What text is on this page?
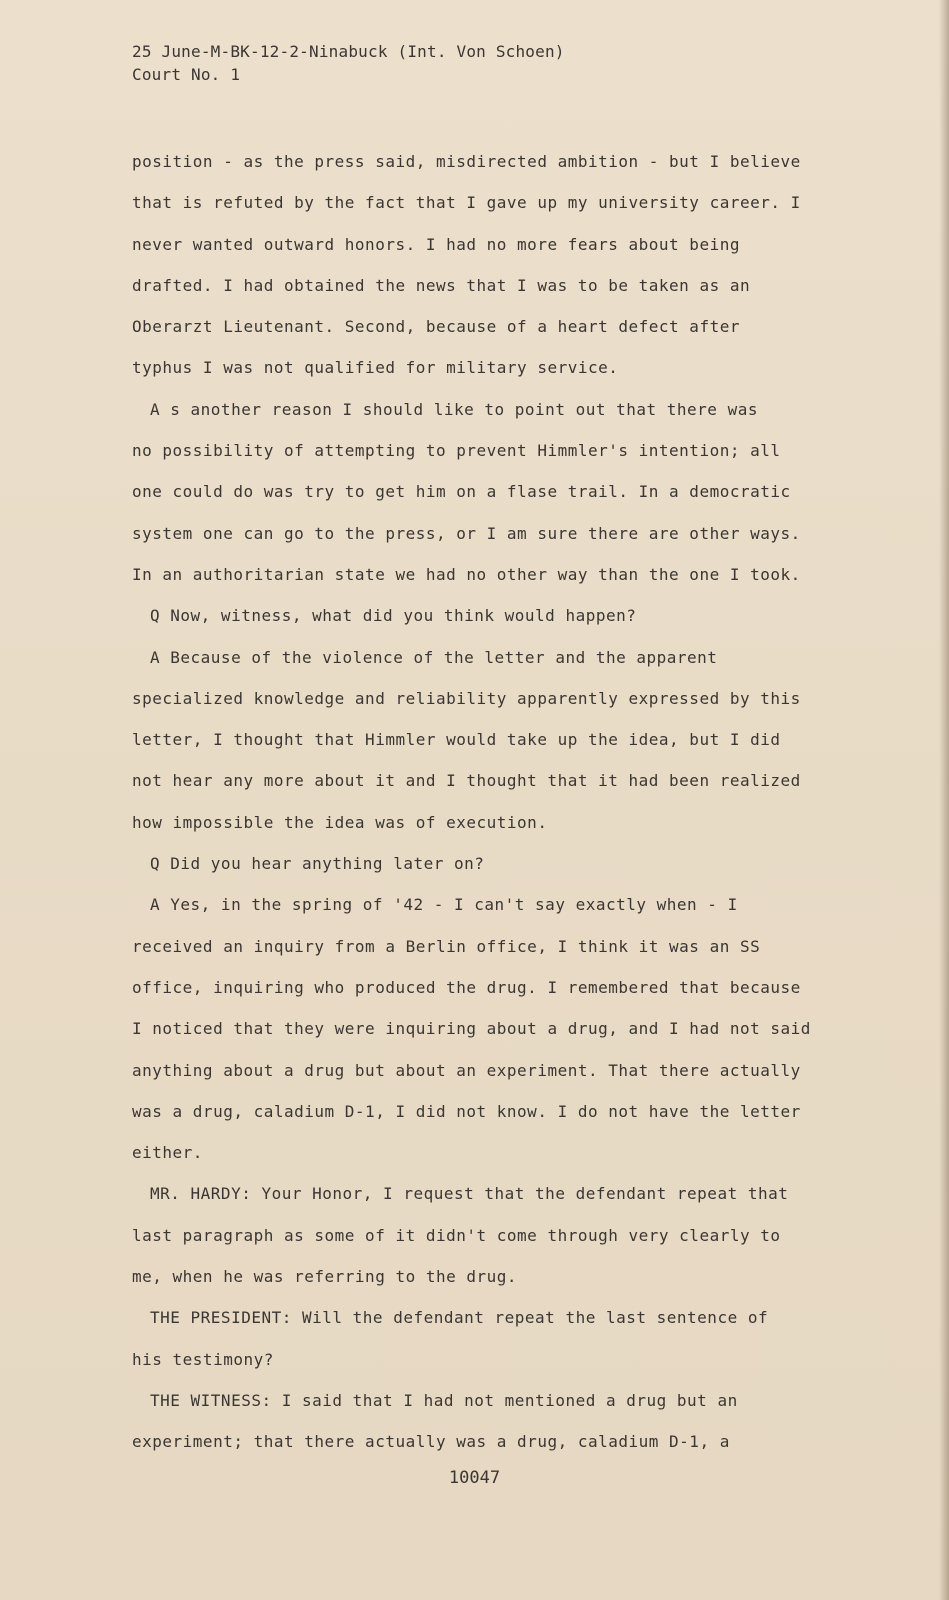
25 June-M-BK-12-2-Ninabuck (Int. Von Schoen)
Court No. 1
position - as the press said, misdirected ambition - but I believe
that is refuted by the fact that I gave up my university career. I
never wanted outward honors. I had no more fears about being
drafted. I had obtained the news that I was to be taken as an
Oberarzt Lieutenant. Second, because of a heart defect after
typhus I was not qualified for military service.
A s another reason I should like to point out that there was
no possibility of attempting to prevent Himmler's intention; all
one could do was try to get him on a flase trail. In a democratic
system one can go to the press, or I am sure there are other ways.
In an authoritarian state we had no other way than the one I took.
Q Now, witness, what did you think would happen?
A Because of the violence of the letter and the apparent
specialized knowledge and reliability apparently expressed by this
letter, I thought that Himmler would take up the idea, but I did
not hear any more about it and I thought that it had been realized
how impossible the idea was of execution.
Q Did you hear anything later on?
A Yes, in the spring of '42 - I can't say exactly when - I
received an inquiry from a Berlin office, I think it was an SS
office, inquiring who produced the drug. I remembered that because
I noticed that they were inquiring about a drug, and I had not said
anything about a drug but about an experiment. That there actually
was a drug, caladium D-1, I did not know. I do not have the letter
either.
MR. HARDY: Your Honor, I request that the defendant repeat that
last paragraph as some of it didn't come through very clearly to
me, when he was referring to the drug.
THE PRESIDENT: Will the defendant repeat the last sentence of
his testimony?
THE WITNESS: I said that I had not mentioned a drug but an
experiment; that there actually was a drug, caladium D-1, a
10047
